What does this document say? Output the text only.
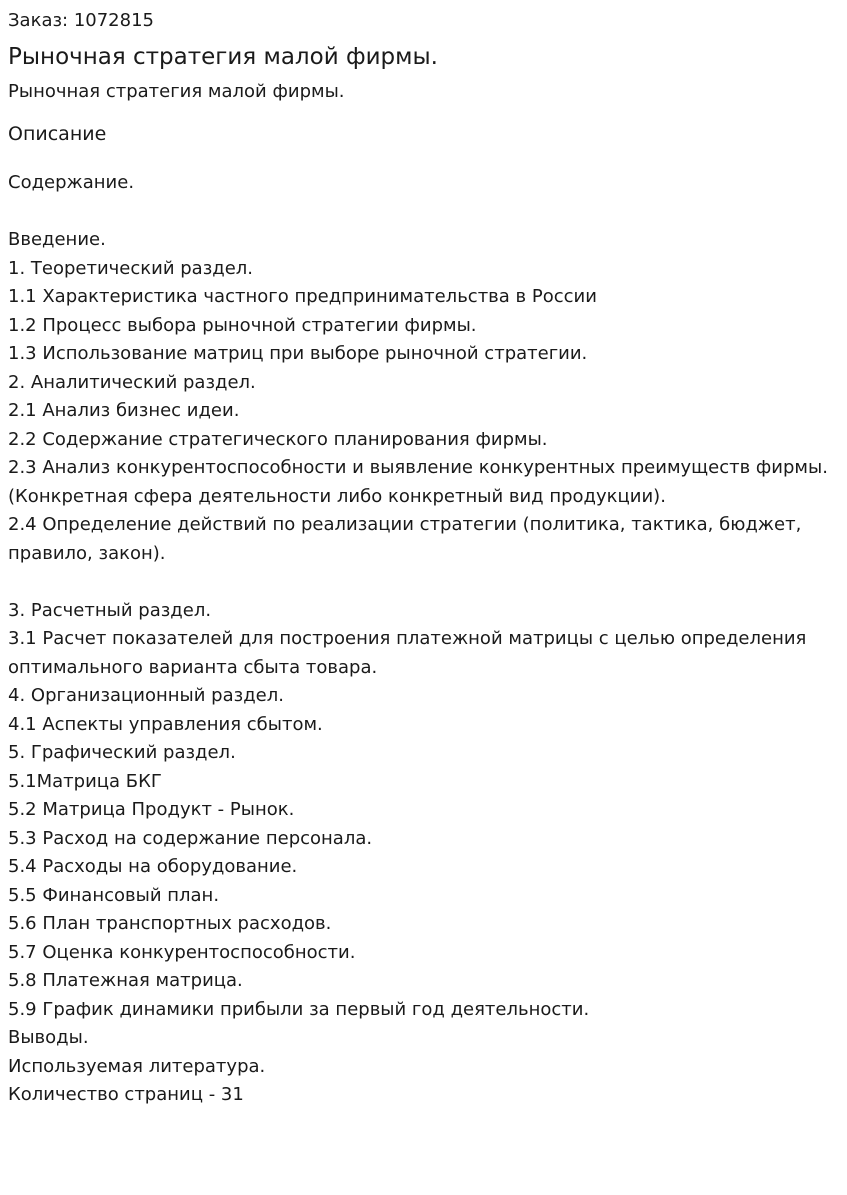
Заказ: 1072815

Рыночная стратегия малой фирмы.

Рыночная стратегия малой фирмы.

Описание

Содержание.
Введение.
1. Теоретический раздел.
1.1 Характеристика частного предпринимательства в России
1.2 Процесс выбора рыночной стратегии фирмы.
1.3 Использование матриц при выборе рыночной стратегии.
2. Аналитический раздел.
2.1 Анализ бизнес идеи.
2.2 Содержание стратегического планирования фирмы.
2.3 Анализ конкурентоспособности и выявление конкурентных преимуществ фирмы. (Конкретная сфера деятельности либо конкретный вид продукции).
2.4 Определение действий по реализации стратегии (политика, тактика, бюджет, правило, закон).
3. Расчетный раздел.
3.1 Расчет показателей для построения платежной матрицы с целью определения оптимального варианта сбыта товара.
4. Организационный раздел.
4.1 Аспекты управления сбытом.
5. Графический раздел.
5.1Матрица БКГ
5.2 Матрица Продукт - Рынок.
5.3 Расход на содержание персонала.
5.4 Расходы на оборудование.
5.5 Финансовый план.
5.6 План транспортных расходов.
5.7 Оценка конкурентоспособности.
5.8 Платежная матрица.
5.9 График динамики прибыли за первый год деятельности.
Выводы.
Используемая литература.
Количество страниц - 31
